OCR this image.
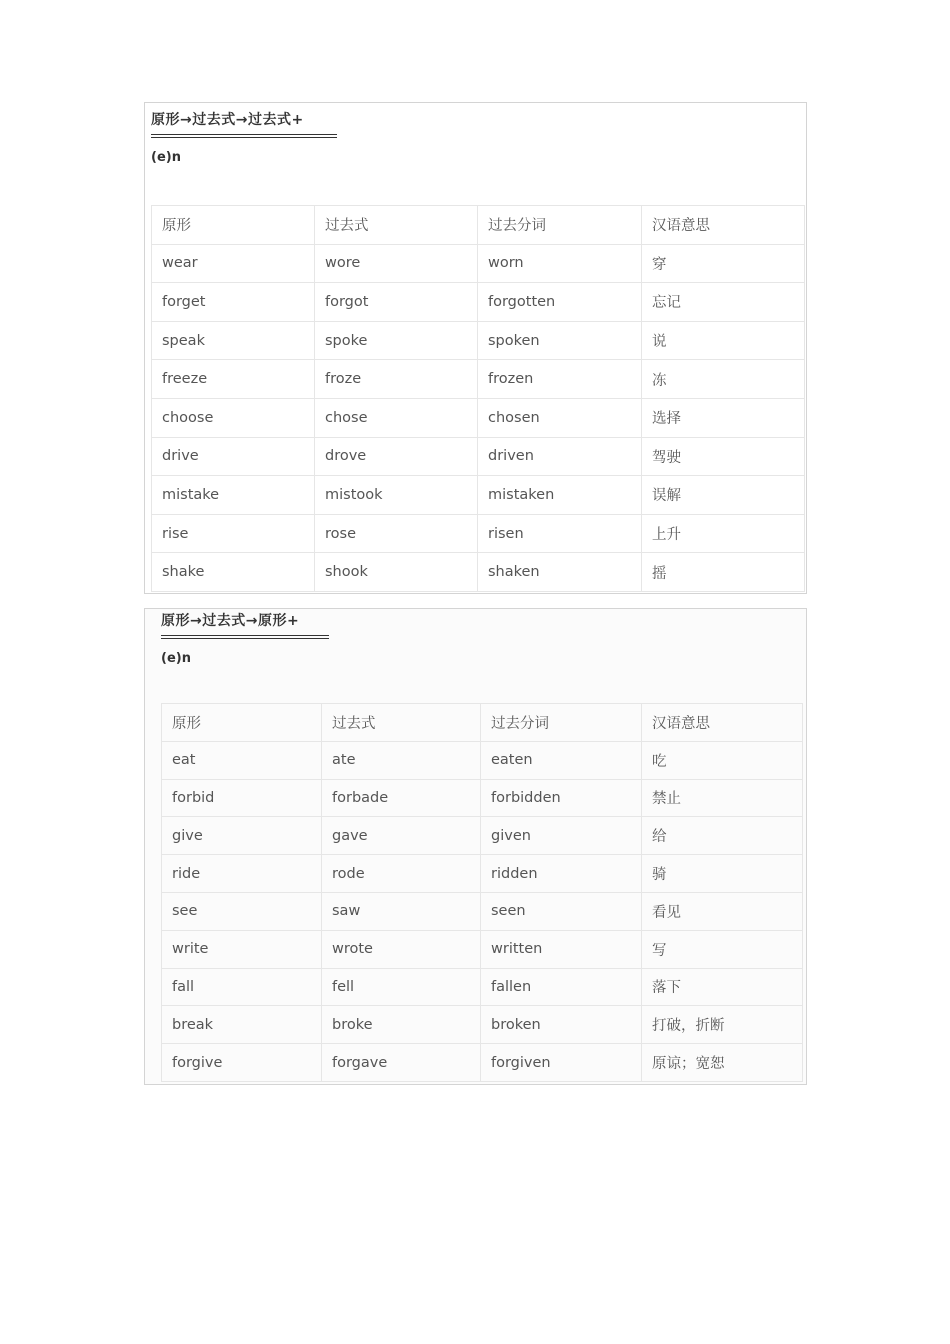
原形→过去式→过去式+
(e)n
原形	过去式	过去分词	汉语意思
wear	wore	worn	穿
forget	forgot	forgotten	忘记
speak	spoke	spoken	说
freeze	froze	frozen	冻
choose	chose	chosen	选择
drive	drove	driven	驾驶
mistake	mistook	mistaken	误解
rise	rose	risen	上升
shake	shook	shaken	摇
原形→过去式→原形+
(e)n
原形	过去式	过去分词	汉语意思
eat	ate	eaten	吃
forbid	forbade	forbidden	禁止
give	gave	given	给
ride	rode	ridden	骑
see	saw	seen	看见
write	wrote	written	写
fall	fell	fallen	落下
break	broke	broken	打破，折断
forgive	forgave	forgiven	原谅；宽恕
